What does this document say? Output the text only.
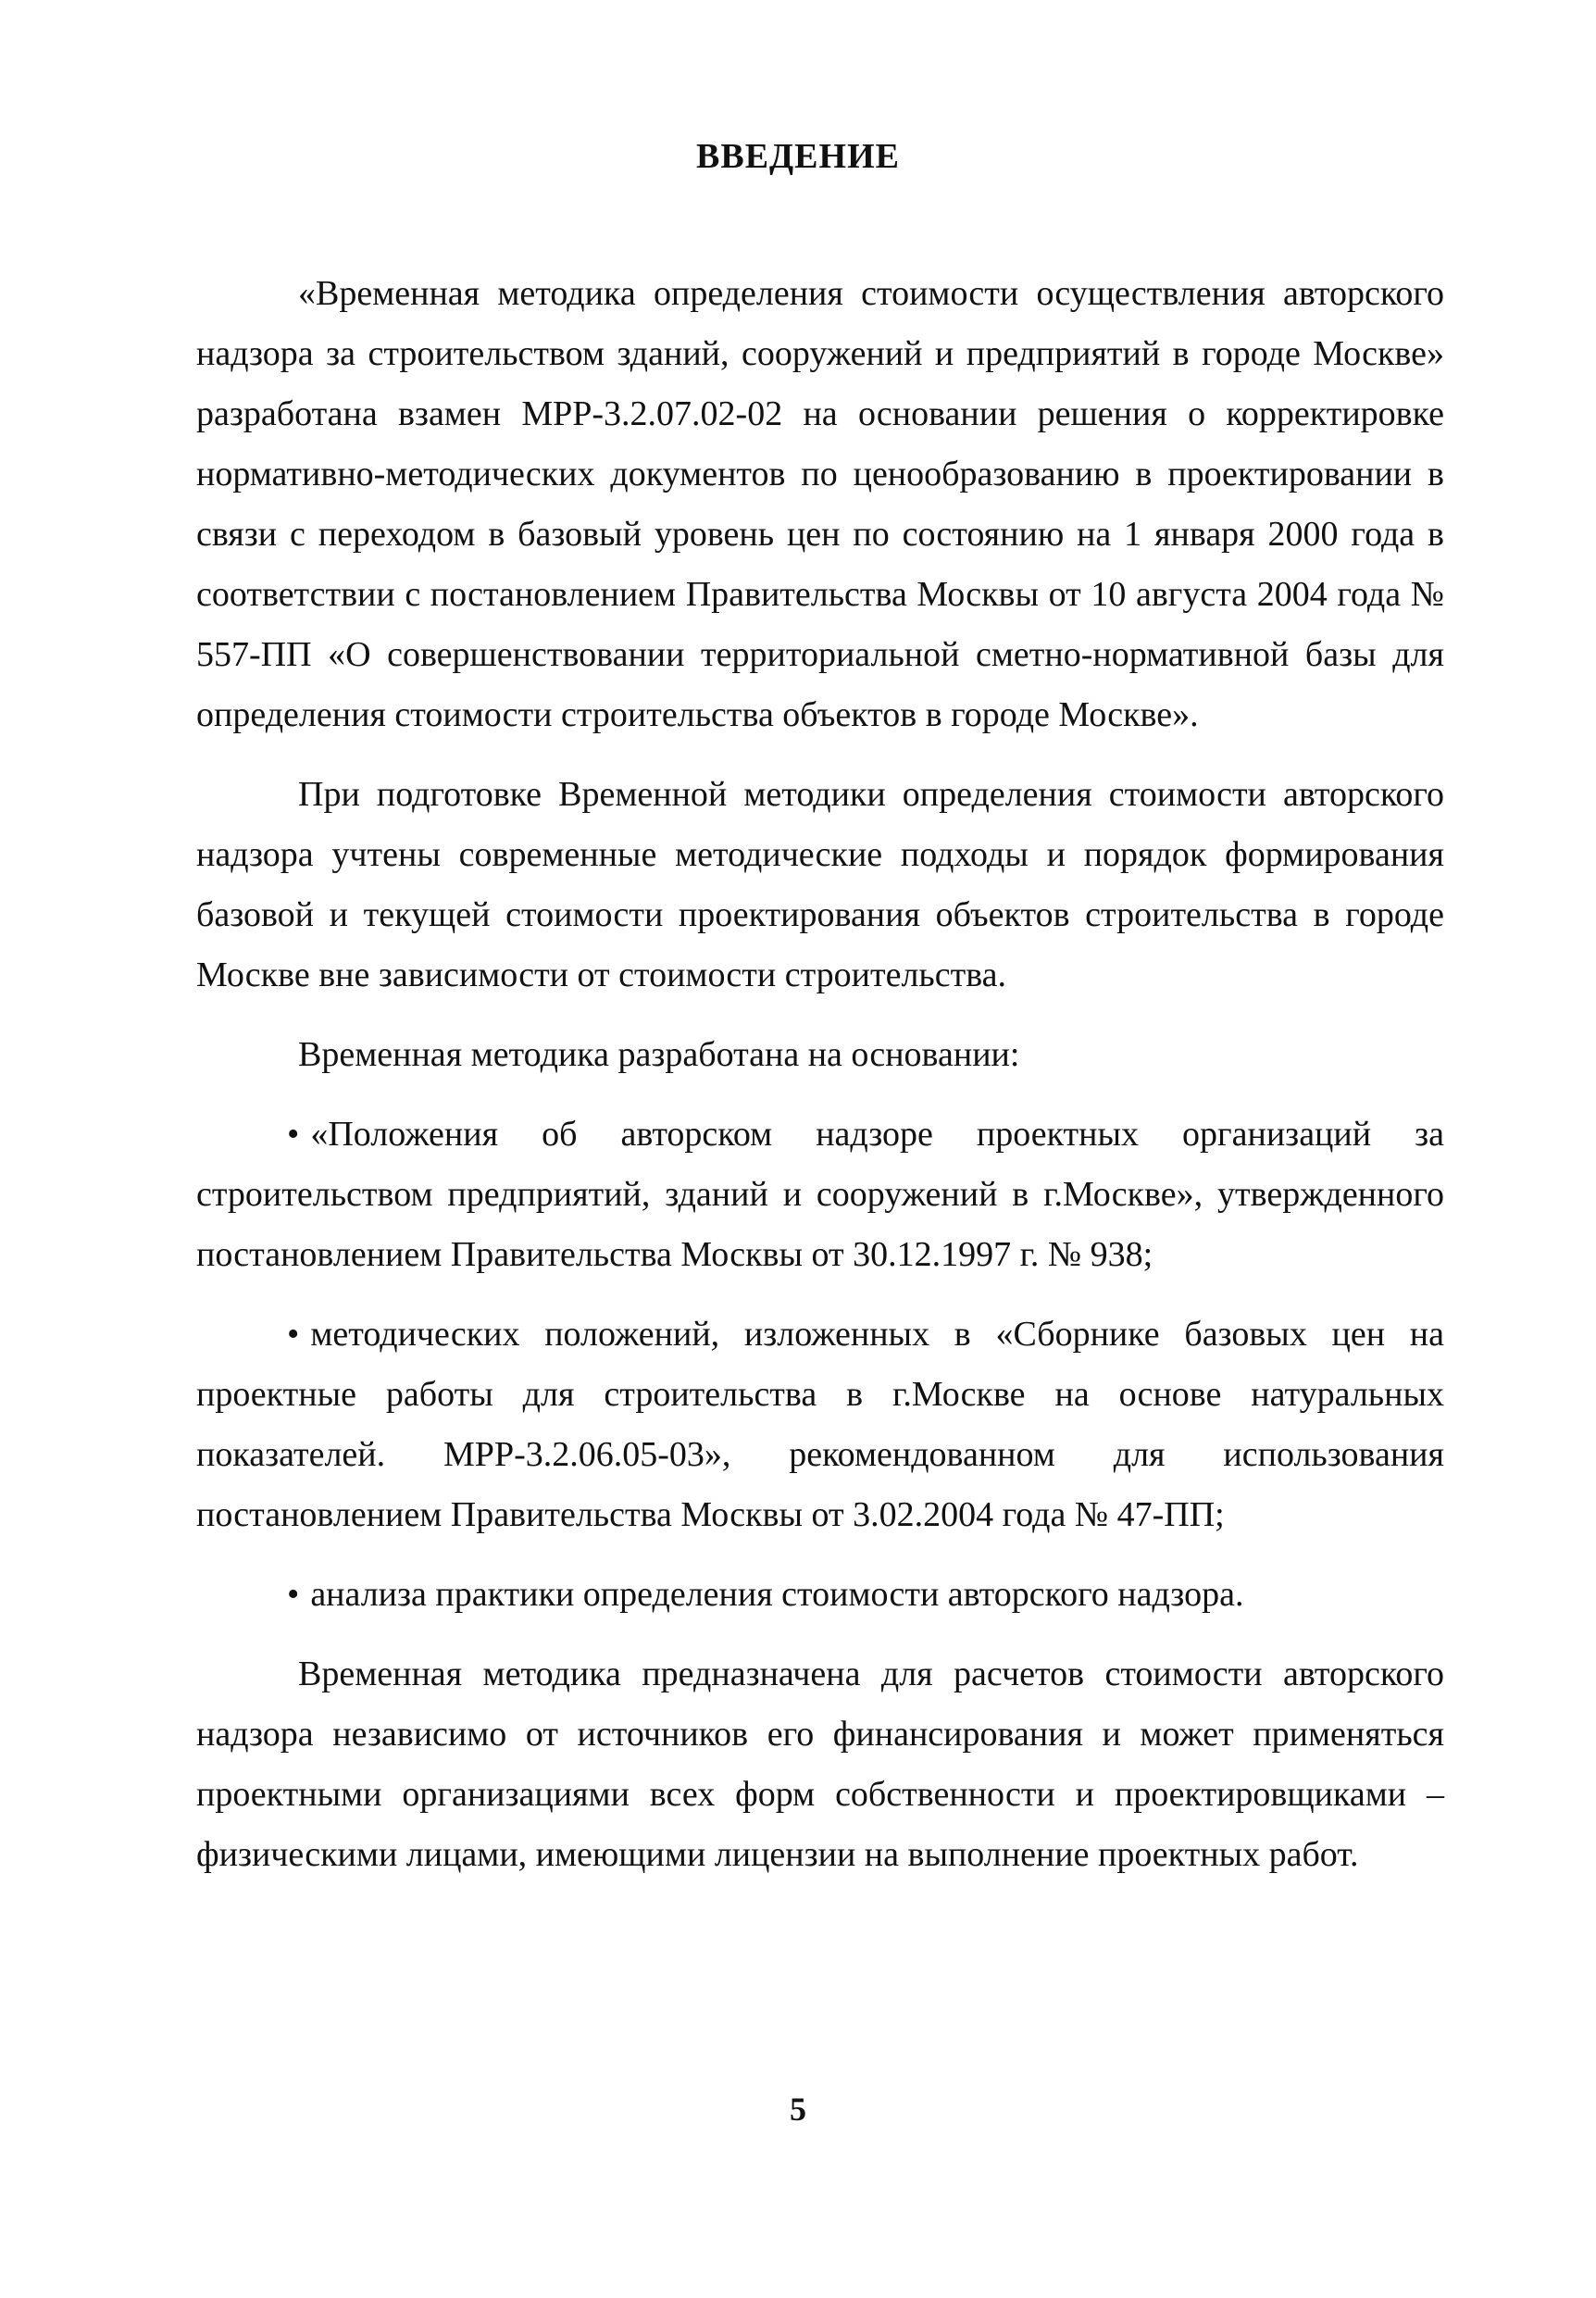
ВВЕДЕНИЕ

«Временная методика определения стоимости осуществления авторского надзора за строительством зданий, сооружений и предприятий в городе Москве» разработана взамен МРР-3.2.07.02-02 на основании решения о корректировке нормативно-методических документов по ценообразованию в проектировании в связи с переходом в базовый уровень цен по состоянию на 1 января 2000 года в соответствии с постановлением Правительства Москвы от 10 августа 2004 года № 557-ПП «О совершенствовании территориальной сметно-нормативной базы для определения стоимости строительства объектов в городе Москве».

При подготовке Временной методики определения стоимости авторского надзора учтены современные методические подходы и порядок формирования базовой и текущей стоимости проектирования объектов строительства в городе Москве вне зависимости от стоимости строительства.

Временная методика разработана на основании:

• «Положения об авторском надзоре проектных организаций за строительством предприятий, зданий и сооружений в г.Москве», утвержденного постановлением Правительства Москвы от 30.12.1997 г. № 938;

• методических положений, изложенных в «Сборнике базовых цен на проектные работы для строительства в г.Москве на основе натуральных показателей. МРР-3.2.06.05-03», рекомендованном для использования постановлением Правительства Москвы от 3.02.2004 года № 47-ПП;

• анализа практики определения стоимости авторского надзора.

Временная методика предназначена для расчетов стоимости авторского надзора независимо от источников его финансирования и может применяться проектными организациями всех форм собственности и проектировщиками – физическими лицами, имеющими лицензии на выполнение проектных работ.

5
